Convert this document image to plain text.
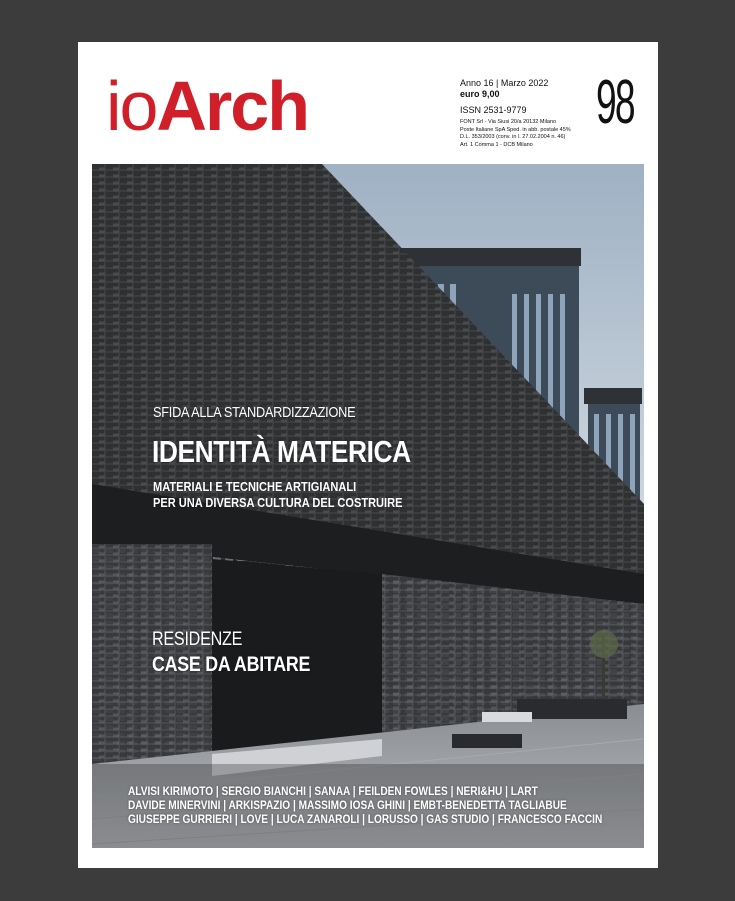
ioArch	Anno 16 | Marzo 2022
euro 9,00
ISSN 2531-9779
FONT Srl - Via Siusi 20/a 20132 Milano
Poste Italiane SpA Sped. in abb. postale 45%
D.L. 353/2003 (conv. in l. 27.02.2004 n. 46)
Art. 1 Comma 1 - DCB Milano
98
SFIDA ALLA STANDARDIZZAZIONE
IDENTITÀ MATERICA
MATERIALI E TECNICHE ARTIGIANALI
PER UNA DIVERSA CULTURA DEL COSTRUIRE
RESIDENZE
CASE DA ABITARE
ALVISI KIRIMOTO | SERGIO BIANCHI | SANAA | FEILDEN FOWLES | NERI&HU | LART
DAVIDE MINERVINI | ARKISPAZIO | MASSIMO IOSA GHINI | EMBT-BENEDETTA TAGLIABUE
GIUSEPPE GURRIERI | LOVE | LUCA ZANAROLI | LORUSSO | GAS STUDIO | FRANCESCO FACCIN
